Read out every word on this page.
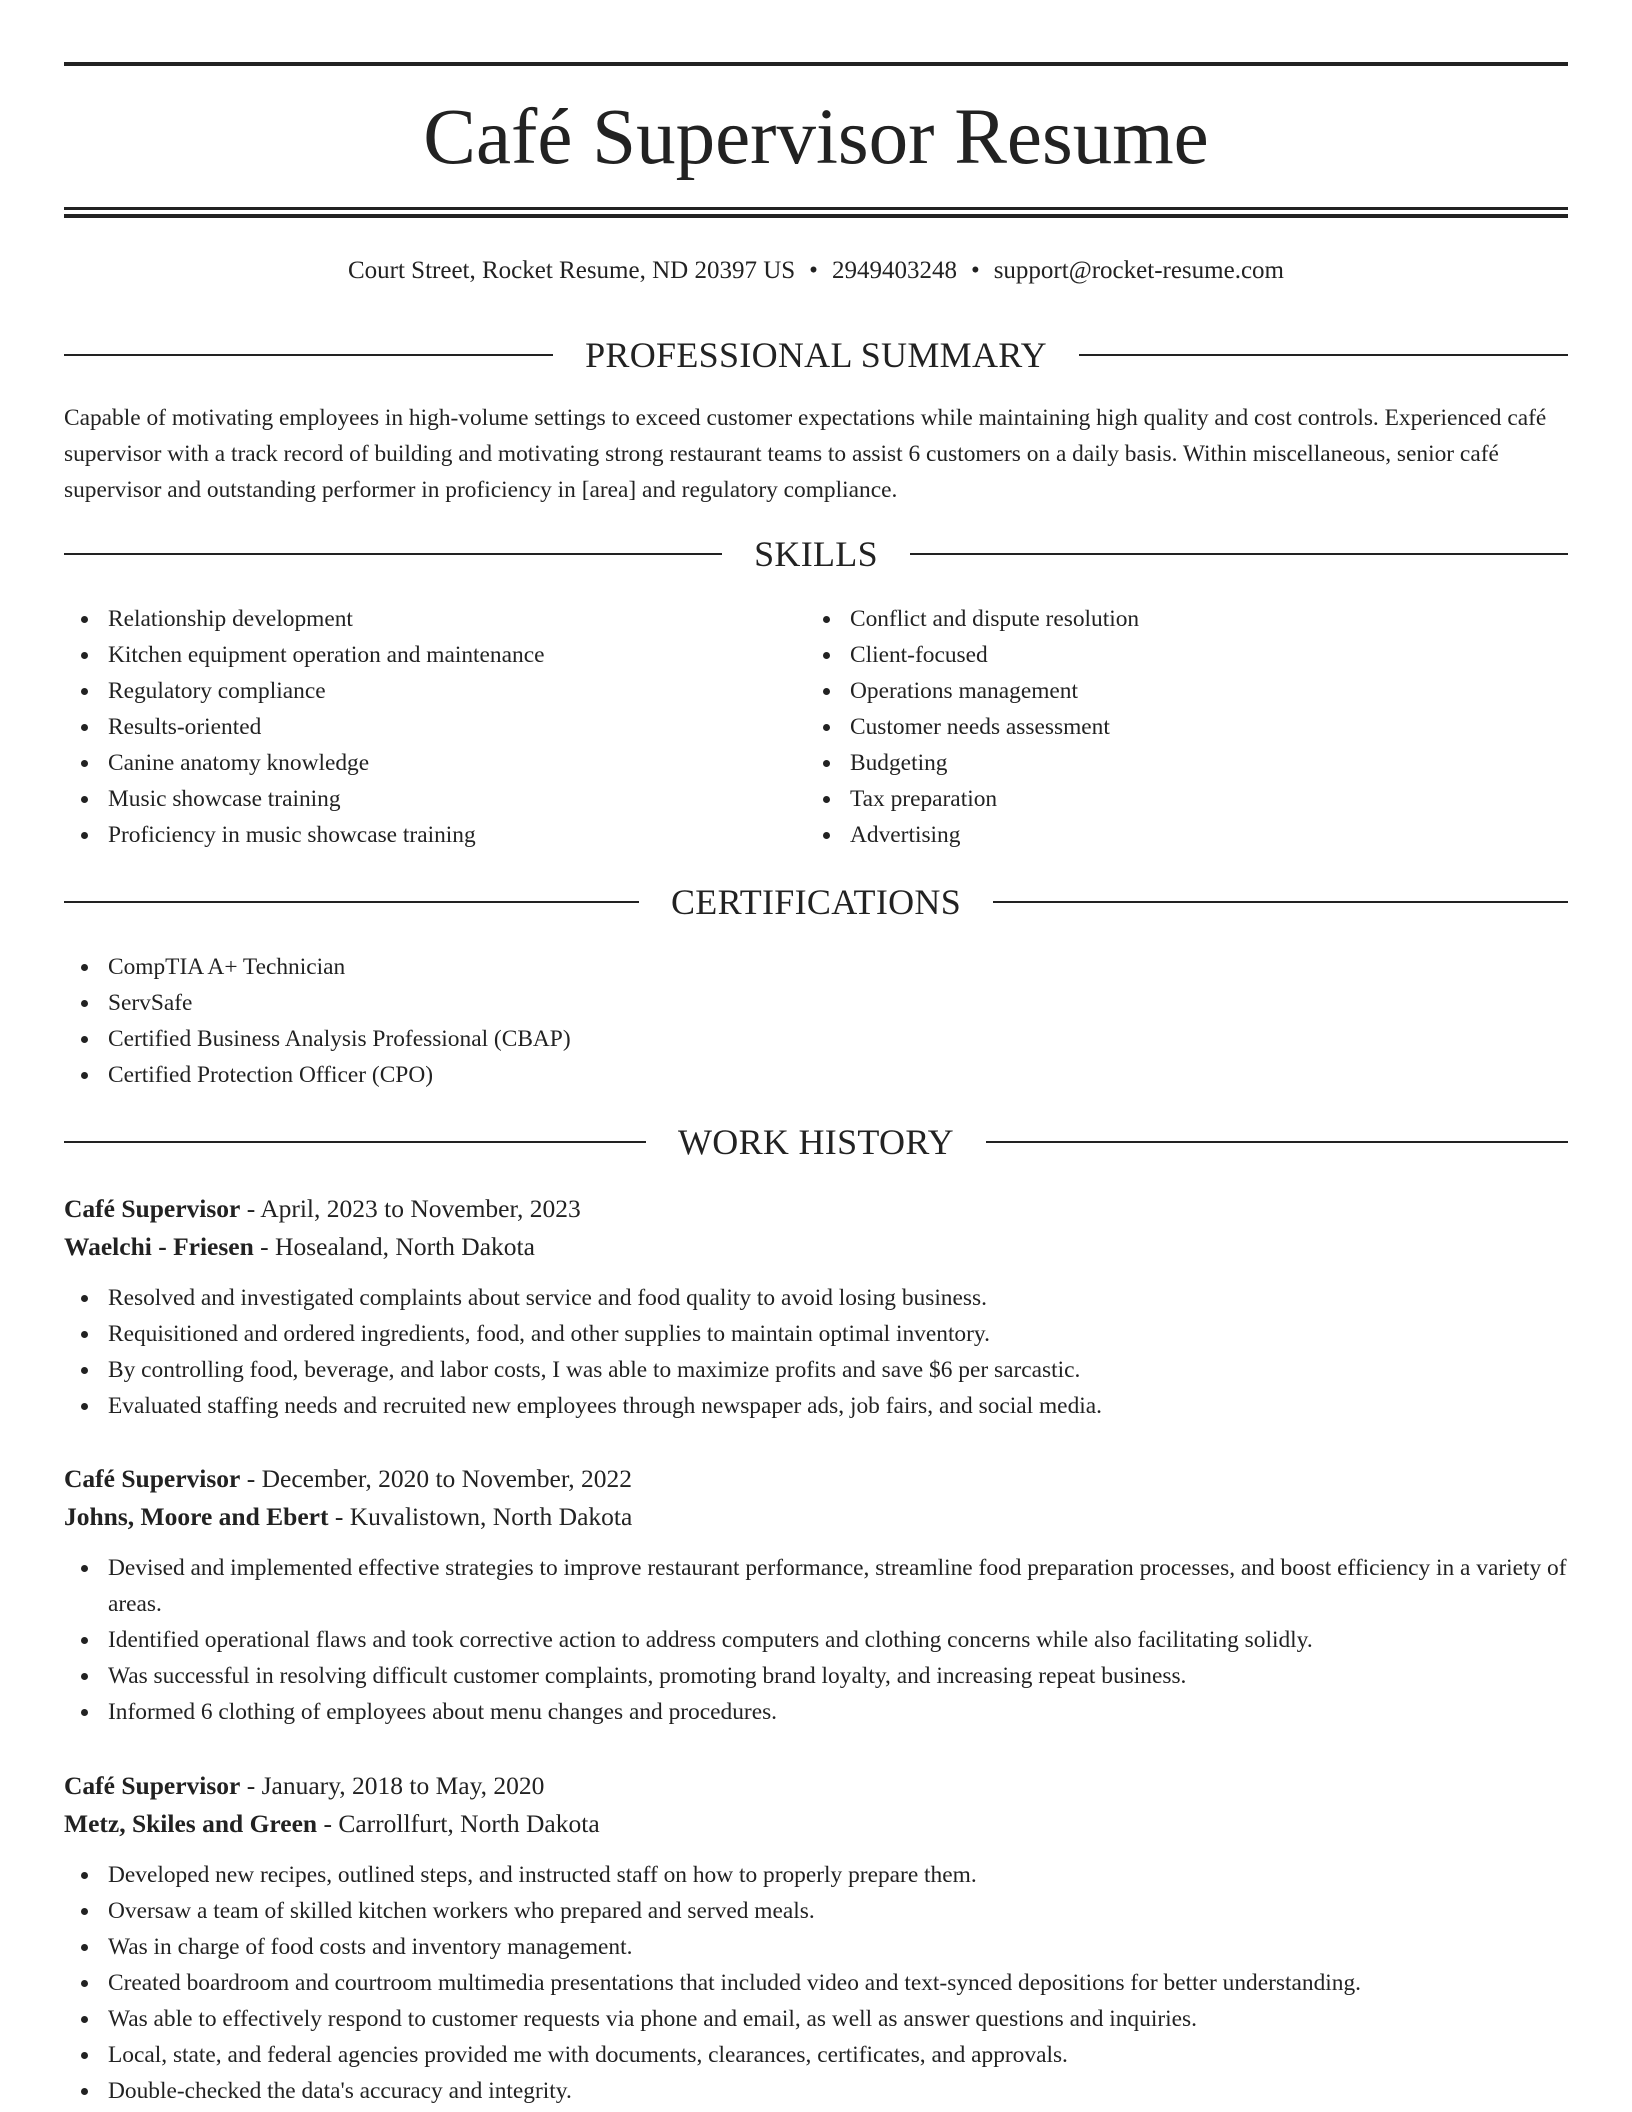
Café Supervisor Resume
Court Street, Rocket Resume, ND 20397 US • 2949403248 • support@rocket-resume.com
PROFESSIONAL SUMMARY

Capable of motivating employees in high-volume settings to exceed customer expectations while maintaining high quality and cost controls. Experienced café supervisor with a track record of building and motivating strong restaurant teams to assist 6 customers on a daily basis. Within miscellaneous, senior café supervisor and outstanding performer in proficiency in [area] and regulatory compliance.

SKILLS
Relationship development
Kitchen equipment operation and maintenance
Regulatory compliance
Results-oriented
Canine anatomy knowledge
Music showcase training
Proficiency in music showcase training
Conflict and dispute resolution
Client-focused
Operations management
Customer needs assessment
Budgeting
Tax preparation
Advertising
CERTIFICATIONS
CompTIA A+ Technician
ServSafe
Certified Business Analysis Professional (CBAP)
Certified Protection Officer (CPO)
WORK HISTORY
Café Supervisor - April, 2023 to November, 2023
Waelchi - Friesen - Hosealand, North Dakota
Resolved and investigated complaints about service and food quality to avoid losing business.
Requisitioned and ordered ingredients, food, and other supplies to maintain optimal inventory.
By controlling food, beverage, and labor costs, I was able to maximize profits and save $6 per sarcastic.
Evaluated staffing needs and recruited new employees through newspaper ads, job fairs, and social media.
Café Supervisor - December, 2020 to November, 2022
Johns, Moore and Ebert - Kuvalistown, North Dakota
Devised and implemented effective strategies to improve restaurant performance, streamline food preparation processes, and boost efficiency in a variety of areas.
Identified operational flaws and took corrective action to address computers and clothing concerns while also facilitating solidly.
Was successful in resolving difficult customer complaints, promoting brand loyalty, and increasing repeat business.
Informed 6 clothing of employees about menu changes and procedures.
Café Supervisor - January, 2018 to May, 2020
Metz, Skiles and Green - Carrollfurt, North Dakota
Developed new recipes, outlined steps, and instructed staff on how to properly prepare them.
Oversaw a team of skilled kitchen workers who prepared and served meals.
Was in charge of food costs and inventory management.
Created boardroom and courtroom multimedia presentations that included video and text-synced depositions for better understanding.
Was able to effectively respond to customer requests via phone and email, as well as answer questions and inquiries.
Local, state, and federal agencies provided me with documents, clearances, certificates, and approvals.
Double-checked the data's accuracy and integrity.
